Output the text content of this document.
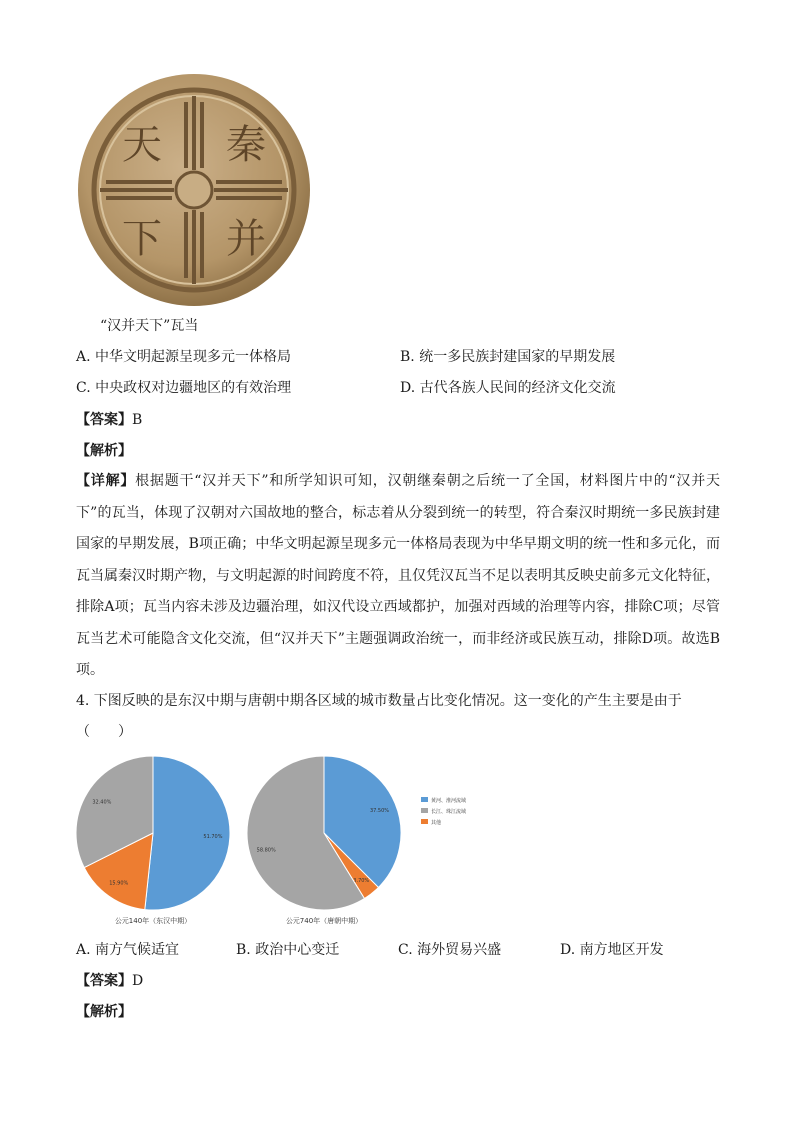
秦
并
天
下
“汉并天下”瓦当
A. 中华文明起源呈现多元一体格局	B. 统一多民族封建国家的早期发展
C. 中央政权对边疆地区的有效治理	D. 古代各族人民间的经济文化交流
【答案】B
【解析】
【详解】根据题干“汉并天下”和所学知识可知，汉朝继秦朝之后统一了全国，材料图片中的“汉并天下”的瓦当，体现了汉朝对六国故地的整合，标志着从分裂到统一的转型，符合秦汉时期统一多民族封建国家的早期发展，B项正确；中华文明起源呈现多元一体格局表现为中华早期文明的统一性和多元化，而瓦当属秦汉时期产物，与文明起源的时间跨度不符，且仅凭汉瓦当不足以表明其反映史前多元文化特征，排除A项；瓦当内容未涉及边疆治理，如汉代设立西域都护，加强对西域的治理等内容，排除C项；尽管瓦当艺术可能隐含文化交流，但“汉并天下”主题强调政治统一，而非经济或民族互动，排除D项。故选B项。
4. 下图反映的是东汉中期与唐朝中期各区域的城市数量占比变化情况。这一变化的产生主要是由于
（　　）
51.70%
15.90%
32.40%
37.50%
3.70%
58.80%
黄河、淮河流域
长江、珠江流域
其他
公元140年（东汉中期）	公元740年（唐朝中期）
A. 南方气候适宜	B. 政治中心变迁	C. 海外贸易兴盛	D. 南方地区开发
【答案】D
【解析】
